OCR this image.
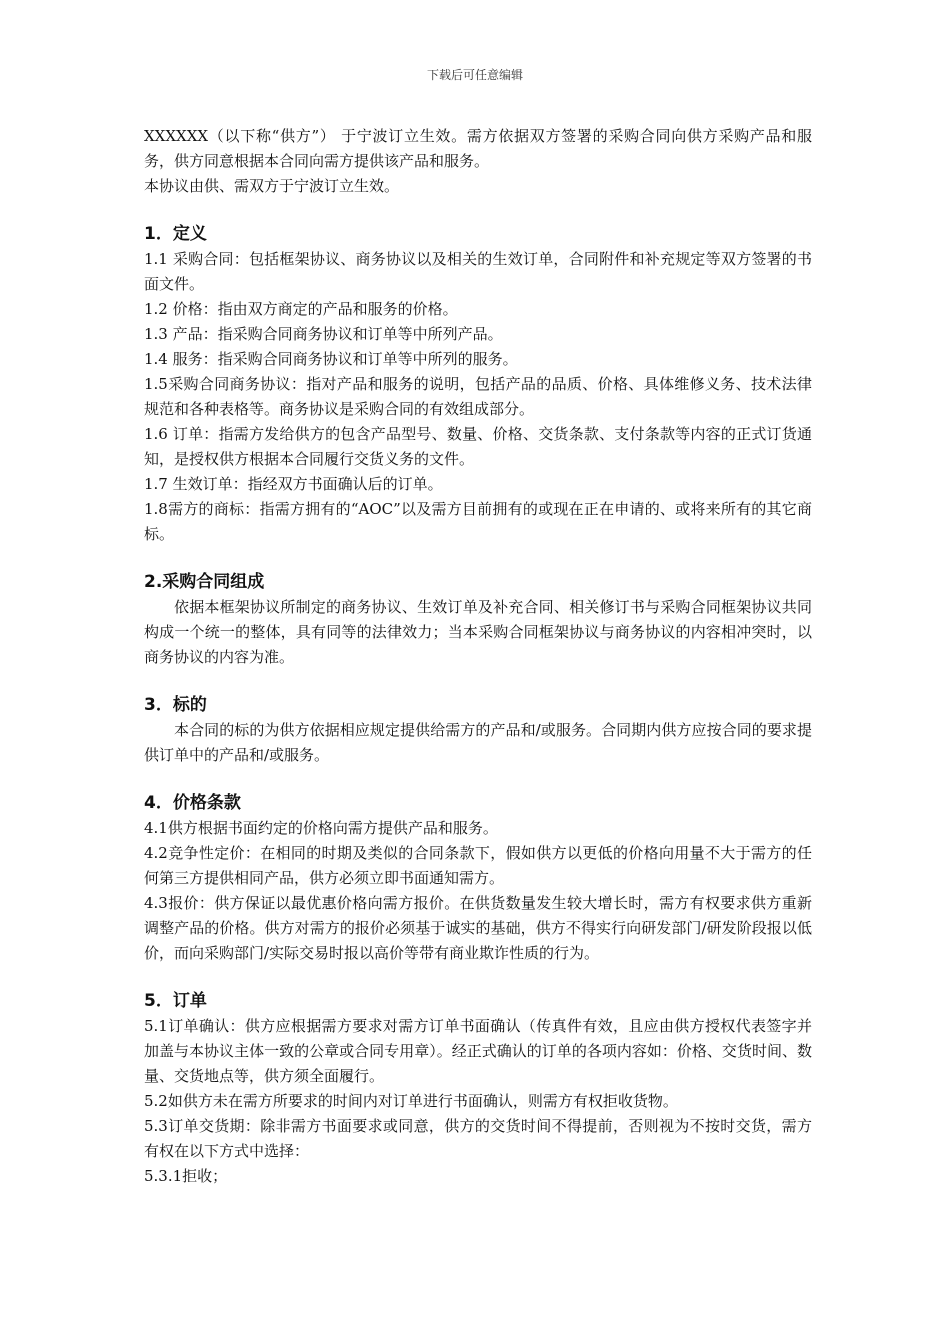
下载后可任意编辑

XXXXXX（以下称“供方”） 于宁波订立生效。需方依据双方签署的采购合同向供方采购产品和服务，供方同意根据本合同向需方提供该产品和服务。

本协议由供、需双方于宁波订立生效。

1．定义

1.1 采购合同：包括框架协议、商务协议以及相关的生效订单，合同附件和补充规定等双方签署的书面文件。

1.2 价格：指由双方商定的产品和服务的价格。

1.3 产品：指采购合同商务协议和订单等中所列产品。

1.4 服务：指采购合同商务协议和订单等中所列的服务。

1.5采购合同商务协议：指对产品和服务的说明，包括产品的品质、价格、具体维修义务、技术法律规范和各种表格等。商务协议是采购合同的有效组成部分。

1.6 订单：指需方发给供方的包含产品型号、数量、价格、交货条款、支付条款等内容的正式订货通知，是授权供方根据本合同履行交货义务的文件。

1.7 生效订单：指经双方书面确认后的订单。

1.8需方的商标：指需方拥有的“AOC”以及需方目前拥有的或现在正在申请的、或将来所有的其它商标。

2.采购合同组成

依据本框架协议所制定的商务协议、生效订单及补充合同、相关修订书与采购合同框架协议共同构成一个统一的整体，具有同等的法律效力；当本采购合同框架协议与商务协议的内容相冲突时，以商务协议的内容为准。

3．标的

本合同的标的为供方依据相应规定提供给需方的产品和/或服务。合同期内供方应按合同的要求提供订单中的产品和/或服务。

4．价格条款

4.1供方根据书面约定的价格向需方提供产品和服务。

4.2竞争性定价：在相同的时期及类似的合同条款下，假如供方以更低的价格向用量不大于需方的任何第三方提供相同产品，供方必须立即书面通知需方。

4.3报价：供方保证以最优惠价格向需方报价。在供货数量发生较大增长时，需方有权要求供方重新调整产品的价格。供方对需方的报价必须基于诚实的基础，供方不得实行向研发部门/研发阶段报以低价，而向采购部门/实际交易时报以高价等带有商业欺诈性质的行为。

5．订单

5.1订单确认：供方应根据需方要求对需方订单书面确认（传真件有效，且应由供方授权代表签字并加盖与本协议主体一致的公章或合同专用章）。经正式确认的订单的各项内容如：价格、交货时间、数量、交货地点等，供方须全面履行。

5.2如供方未在需方所要求的时间内对订单进行书面确认，则需方有权拒收货物。

5.3订单交货期：除非需方书面要求或同意，供方的交货时间不得提前，否则视为不按时交货，需方有权在以下方式中选择：

5.3.1拒收；
